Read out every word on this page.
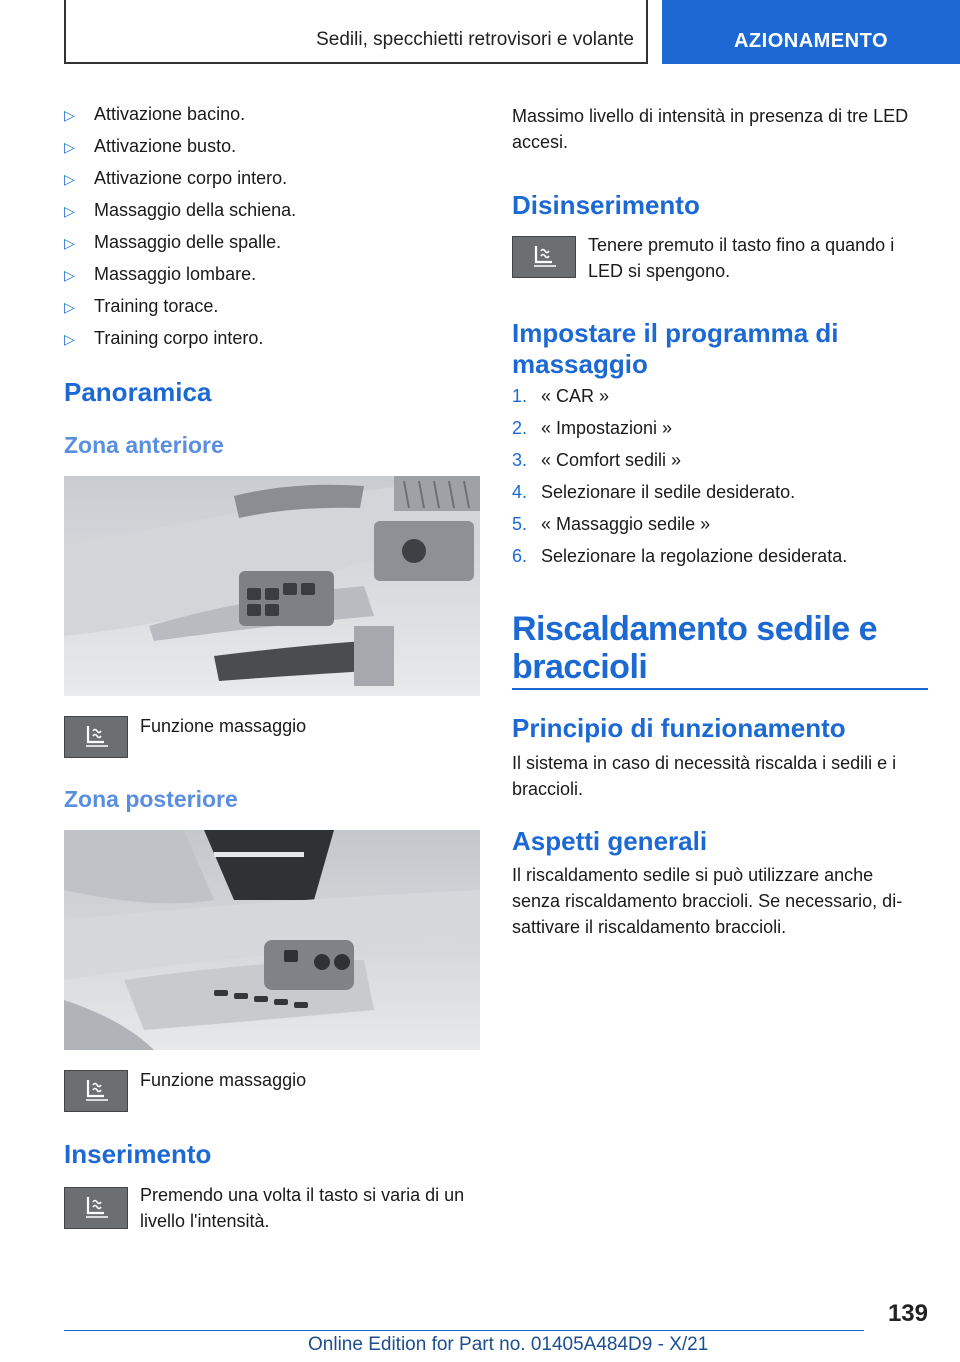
Sedili, specchietti retrovisori e volante	AZIONAMENTO
▷	Attivazione bacino.
▷	Attivazione busto.
▷	Attivazione corpo intero.
▷	Massaggio della schiena.
▷	Massaggio delle spalle.
▷	Massaggio lombare.
▷	Training torace.
▷	Training corpo intero.
Panoramica
Zona anteriore
Funzione massaggio
Zona posteriore
Funzione massaggio
Inserimento
Premendo una volta il tasto si varia di un livello l'intensità.
Massimo livello di intensità in presenza di tre LED accesi.
Disinserimento
Tenere premuto il tasto fino a quando i LED si spengono.
Impostare il programma di massaggio
1. « CAR »
2. « Impostazioni »
3. « Comfort sedili »
4. Selezionare il sedile desiderato.
5. « Massaggio sedile »
6. Selezionare la regolazione desiderata.
Riscaldamento sedile e braccioli
Principio di funzionamento
Il sistema in caso di necessità riscalda i sedili e i braccioli.
Aspetti generali
Il riscaldamento sedile si può utilizzare anche senza riscaldamento braccioli. Se necessario, di-sattivare il riscaldamento braccioli.
139
Online Edition for Part no. 01405A484D9 - X/21
